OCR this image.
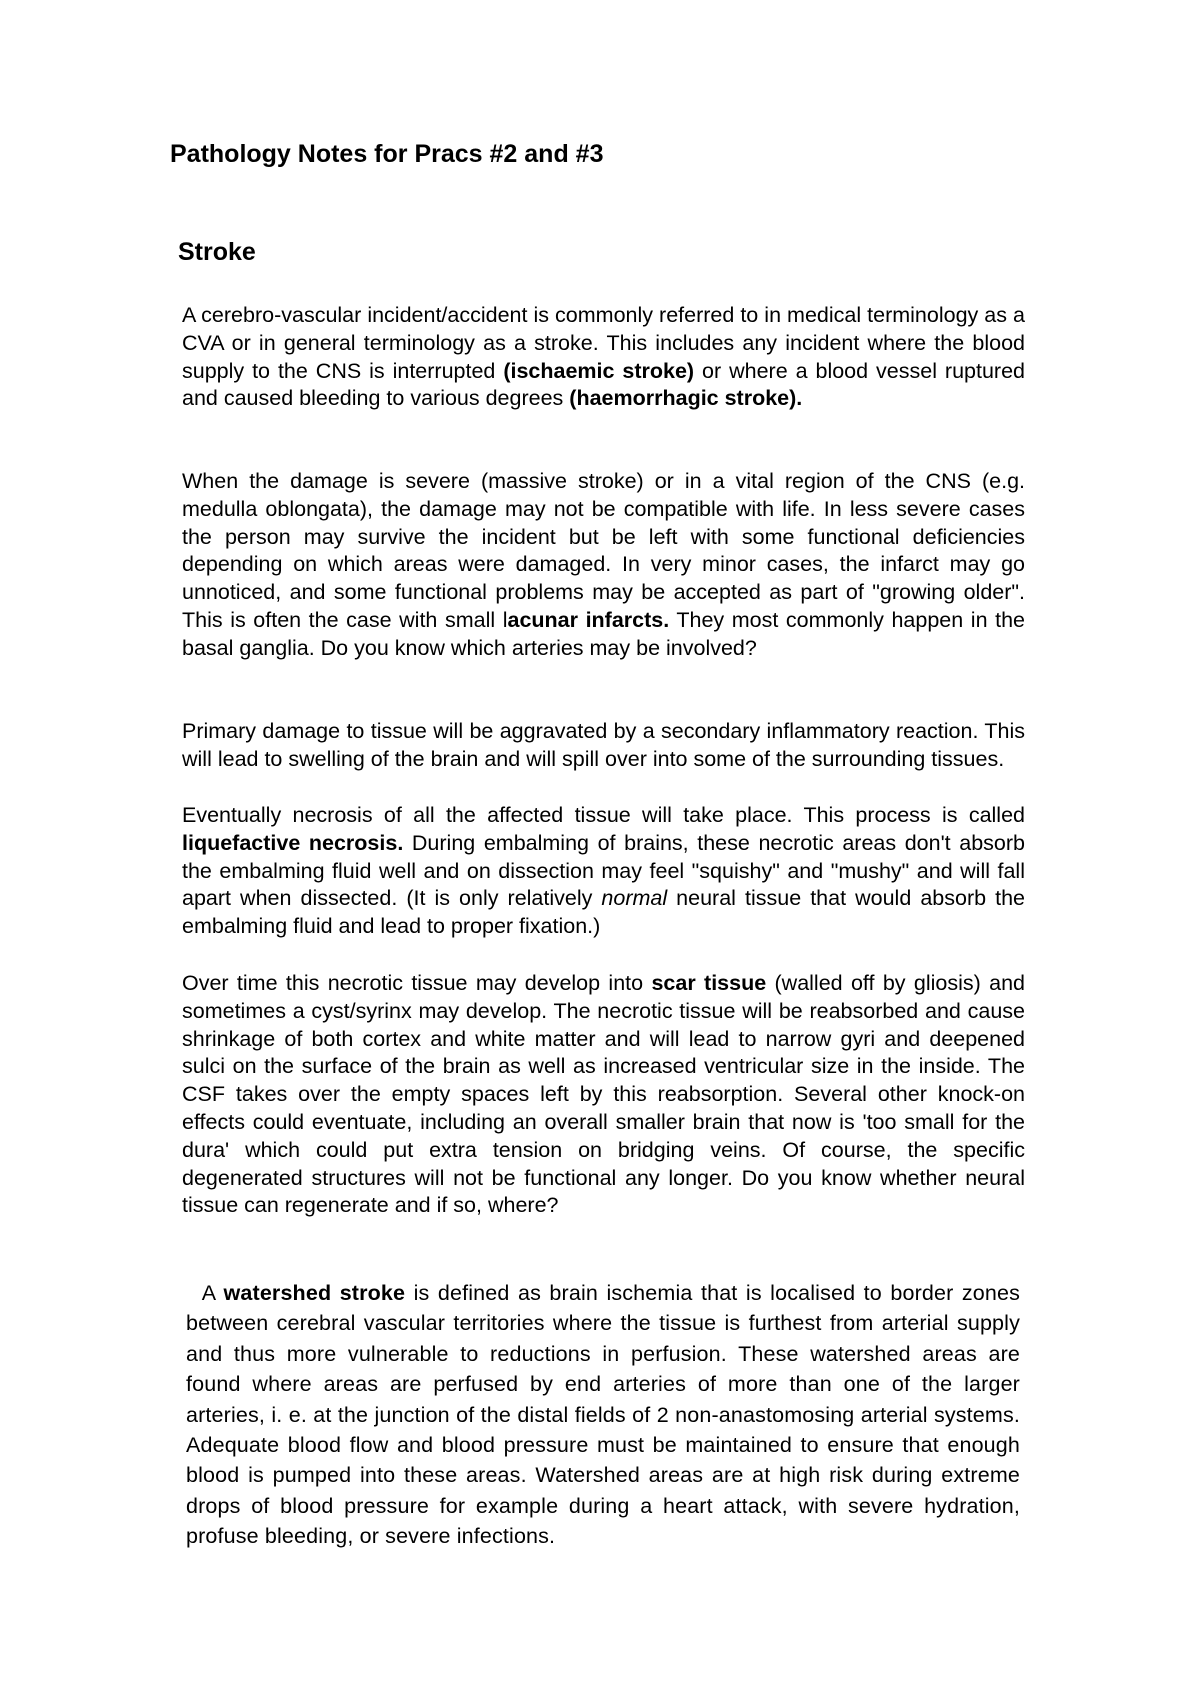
Pathology Notes for Pracs #2 and #3
Stroke

A cerebro-vascular incident/accident is commonly referred to in medical terminology as a CVA or in general terminology as a stroke. This includes any incident where the blood supply to the CNS is interrupted (ischaemic stroke) or where a blood vessel ruptured and caused bleeding to various degrees (haemorrhagic stroke).

When the damage is severe (massive stroke) or in a vital region of the CNS (e.g. medulla oblongata), the damage may not be compatible with life. In less severe cases the person may survive the incident but be left with some functional deficiencies depending on which areas were damaged. In very minor cases, the infarct may go unnoticed, and some functional problems may be accepted as part of "growing older". This is often the case with small lacunar infarcts. They most commonly happen in the basal ganglia. Do you know which arteries may be involved?

Primary damage to tissue will be aggravated by a secondary inflammatory reaction. This will lead to swelling of the brain and will spill over into some of the surrounding tissues.

Eventually necrosis of all the affected tissue will take place. This process is called liquefactive necrosis. During embalming of brains, these necrotic areas don't absorb the embalming fluid well and on dissection may feel "squishy" and "mushy" and will fall apart when dissected. (It is only relatively normal neural tissue that would absorb the embalming fluid and lead to proper fixation.)

Over time this necrotic tissue may develop into scar tissue (walled off by gliosis) and sometimes a cyst/syrinx may develop. The necrotic tissue will be reabsorbed and cause shrinkage of both cortex and white matter and will lead to narrow gyri and deepened sulci on the surface of the brain as well as increased ventricular size in the inside. The CSF takes over the empty spaces left by this reabsorption. Several other knock-on effects could eventuate, including an overall smaller brain that now is 'too small for the dura' which could put extra tension on bridging veins. Of course, the specific degenerated structures will not be functional any longer. Do you know whether neural tissue can regenerate and if so, where?

A watershed stroke is defined as brain ischemia that is localised to border zones between cerebral vascular territories where the tissue is furthest from arterial supply and thus more vulnerable to reductions in perfusion. These watershed areas are found where areas are perfused by end arteries of more than one of the larger arteries, i. e. at the junction of the distal fields of 2 non-anastomosing arterial systems. Adequate blood flow and blood pressure must be maintained to ensure that enough blood is pumped into these areas. Watershed areas are at high risk during extreme drops of blood pressure for example during a heart attack, with severe hydration, profuse bleeding, or severe infections.
